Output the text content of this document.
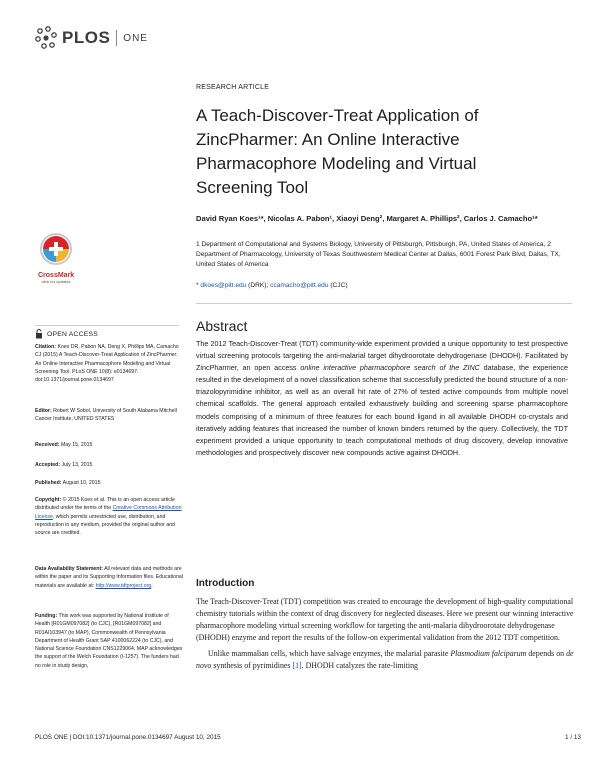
PLOS ONE
RESEARCH ARTICLE
A Teach-Discover-Treat Application of ZincPharmer: An Online Interactive Pharmacophore Modeling and Virtual Screening Tool
David Ryan Koes¹*, Nicolas A. Pabon¹, Xiaoyi Deng², Margaret A. Phillips², Carlos J. Camacho¹*
1 Department of Computational and Systems Biology, University of Pittsburgh, Pittsburgh, PA, United States of America, 2 Department of Pharmacology, University of Texas Southwestern Medical Center at Dallas, 6001 Forest Park Blvd, Dallas, TX, United States of America
* dkoes@pitt.edu (DRK); ccamacho@pitt.edu (CJC)
CrossMark
click for updates
OPEN ACCESS
Citation: Koes DR, Pabon NA, Deng X, Phillips MA, Camacho CJ (2015) A Teach-Discover-Treat Application of ZincPharmer: An Online Interactive Pharmacophore Modeling and Virtual Screening Tool. PLoS ONE 10(8): e0134697. doi:10.1371/journal.pone.0134697
Editor: Robert W Sobol, University of South Alabama Mitchell Cancer Institute, UNITED STATES
Received: May 15, 2015
Accepted: July 13, 2015
Published: August 10, 2015
Copyright: © 2015 Koes et al. This is an open access article distributed under the terms of the Creative Commons Attribution License, which permits unrestricted use, distribution, and reproduction in any medium, provided the original author and source are credited.
Data Availability Statement: All relevant data and methods are within the paper and its Supporting Information files. Educational materials are available at: http://www.tdtproject.org.
Funding: This work was supported by National Institute of Health [R01GM097082] (to CJC), [R01GM097082] and R01AI103947 (to MAP), Commonwealth of Pennsylvania Department of Health Grant SAP 4100062224 (to CJC), and National Science Foundation CNS1229064. MAP acknowledges the support of the Welch Foundation (I-1257). The funders had no role in study design,
Abstract
The 2012 Teach-Discover-Treat (TDT) community-wide experiment provided a unique opportunity to test prospective virtual screening protocols targeting the anti-malarial target dihydroorotate dehydrogenase (DHODH). Facilitated by ZincPharmer, an open access online interactive pharmacophore search of the ZINC database, the experience resulted in the development of a novel classification scheme that successfully predicted the bound structure of a non-triazolopyrimidine inhibitor, as well as an overall hit rate of 27% of tested active compounds from multiple novel chemical scaffolds. The general approach entailed exhaustively building and screening sparse pharmacophore models comprising of a minimum of three features for each bound ligand in all available DHODH co-crystals and iteratively adding features that increased the number of known binders returned by the query. Collectively, the TDT experiment provided a unique opportunity to teach computational methods of drug discovery, develop innovative methodologies and prospectively discover new compounds active against DHODH.
Introduction

The Teach-Discover-Treat (TDT) competition was created to encourage the development of high-quality computational chemistry tutorials within the context of drug discovery for neglected diseases. Here we present our winning interactive pharmacophore modeling virtual screening workflow for targeting the anti-malaria dihydroorotate dehydrogenase (DHODH) enzyme and report the results of the follow-on experimental validation from the 2012 TDT competition.

Unlike mammalian cells, which have salvage enzymes, the malarial parasite Plasmodium falciparum depends on de novo synthesis of pyrimidines [1]. DHODH catalyzes the rate-limiting

PLOS ONE | DOI:10.1371/journal.pone.0134697 August 10, 2015	1 / 13
